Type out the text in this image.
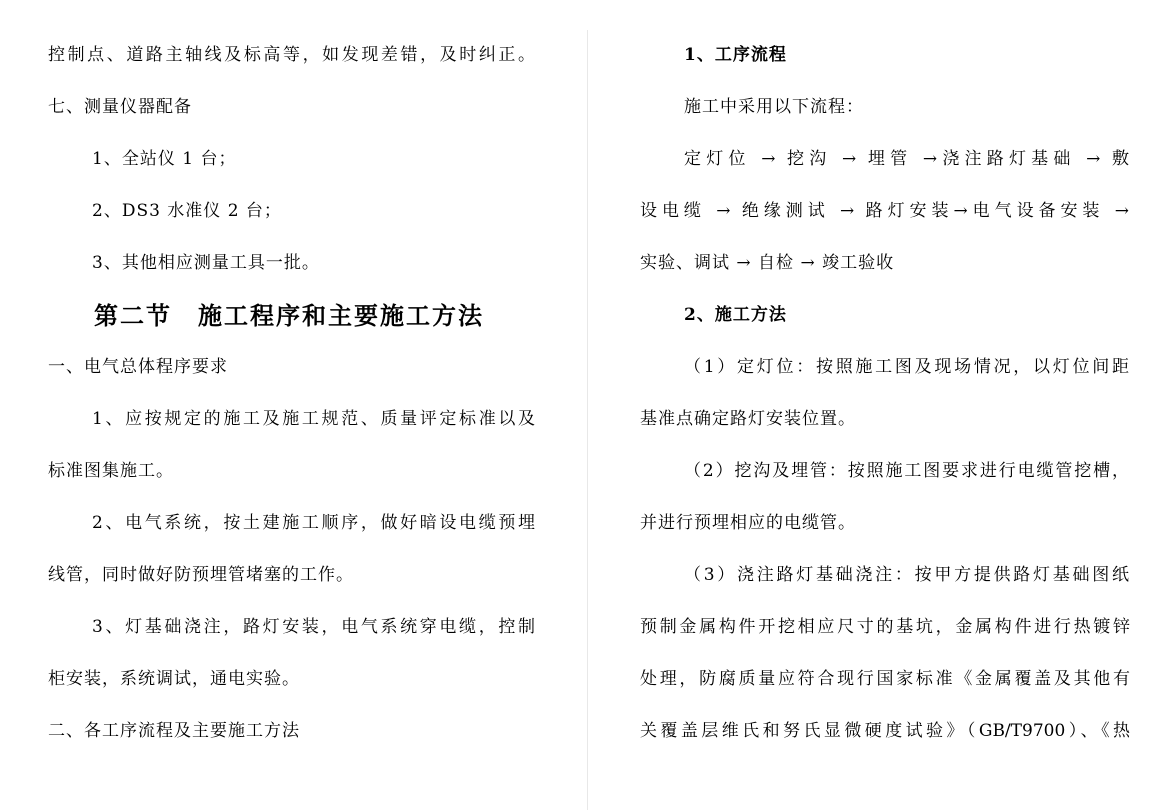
控制点、道路主轴线及标高等，如发现差错，及时纠正。
七、测量仪器配备
1、全站仪 1 台；
2、DS3 水准仪 2 台；
3、其他相应测量工具一批。
第二节　施工程序和主要施工方法
一、电气总体程序要求
1、应按规定的施工及施工规范、质量评定标准以及
标准图集施工。
2、电气系统，按土建施工顺序，做好暗设电缆预埋
线管，同时做好防预埋管堵塞的工作。
3、灯基础浇注，路灯安装，电气系统穿电缆，控制
柜安装，系统调试，通电实验。
二、各工序流程及主要施工方法
1、工序流程
施工中采用以下流程：
定灯位 → 挖沟 → 埋管 →浇注路灯基础 → 敷
设电缆 → 绝缘测试 → 路灯安装→电气设备安装 →
实验、调试 → 自检 → 竣工验收
2、施工方法
（1）定灯位：按照施工图及现场情况，以灯位间距
基准点确定路灯安装位置。
（2）挖沟及埋管：按照施工图要求进行电缆管挖槽，
并进行预埋相应的电缆管。
（3）浇注路灯基础浇注：按甲方提供路灯基础图纸
预制金属构件开挖相应尺寸的基坑，金属构件进行热镀锌
处理，防腐质量应符合现行国家标准《金属覆盖及其他有
关覆盖层维氏和努氏显微硬度试验》（GB/T9700）、《热
